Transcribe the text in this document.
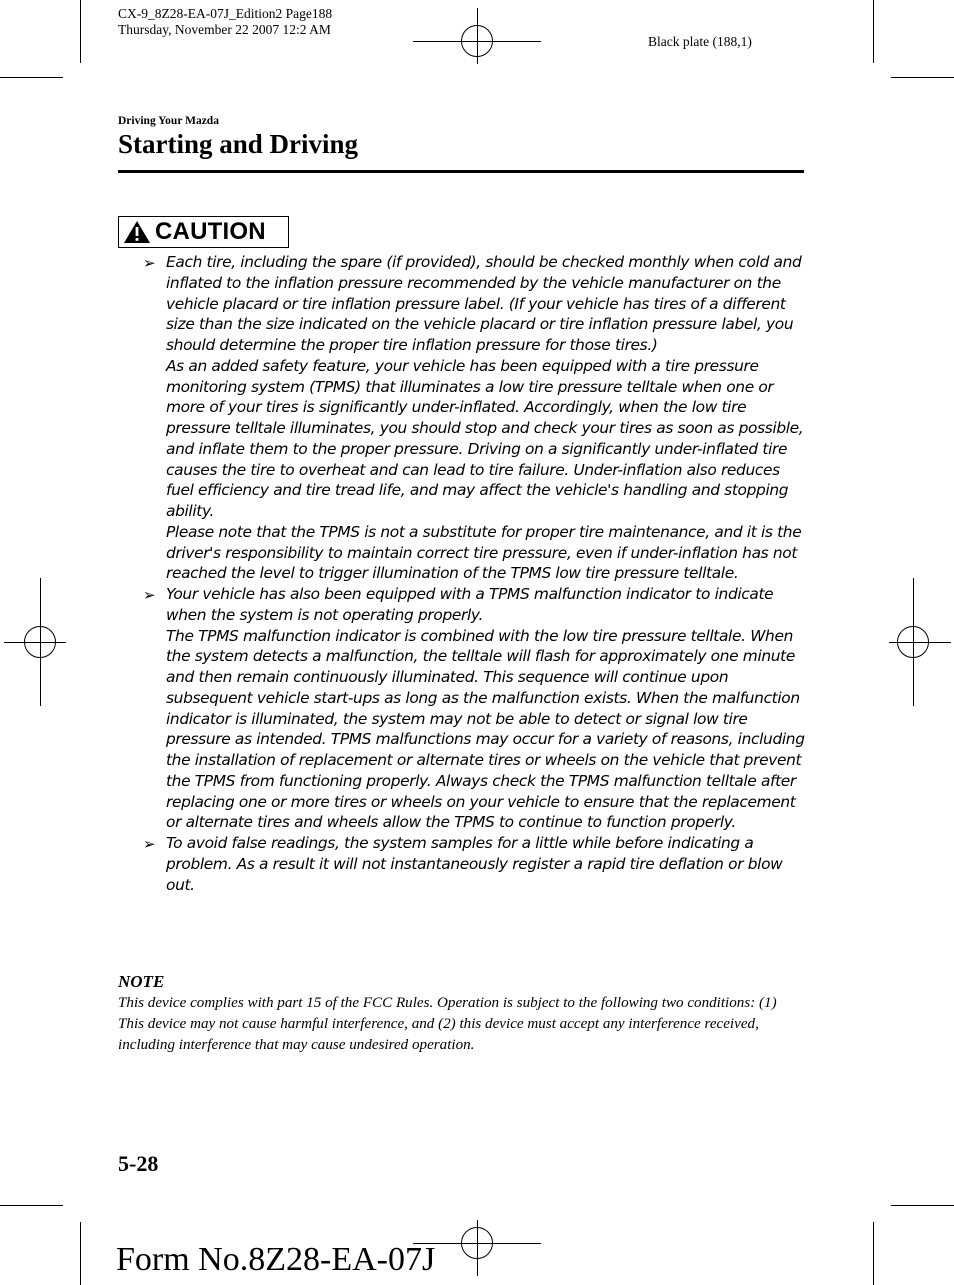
CX-9_8Z28-EA-07J_Edition2 Page188
Thursday, November 22 2007 12:2 AM
Black plate (188,1)
Driving Your Mazda
Starting and Driving
CAUTION
➢ Each tire, including the spare (if provided), should be checked monthly when cold and inflated to the inflation pressure recommended by the vehicle manufacturer on the vehicle placard or tire inflation pressure label. (If your vehicle has tires of a different size than the size indicated on the vehicle placard or tire inflation pressure label, you should determine the proper tire inflation pressure for those tires.)

As an added safety feature, your vehicle has been equipped with a tire pressure monitoring system (TPMS) that illuminates a low tire pressure telltale when one or more of your tires is significantly under-inflated. Accordingly, when the low tire pressure telltale illuminates, you should stop and check your tires as soon as possible, and inflate them to the proper pressure. Driving on a significantly under-inflated tire causes the tire to overheat and can lead to tire failure. Under-inflation also reduces fuel efficiency and tire tread life, and may affect the vehicle's handling and stopping ability.

Please note that the TPMS is not a substitute for proper tire maintenance, and it is the driver's responsibility to maintain correct tire pressure, even if under-inflation has not reached the level to trigger illumination of the TPMS low tire pressure telltale.

➢ Your vehicle has also been equipped with a TPMS malfunction indicator to indicate when the system is not operating properly.

The TPMS malfunction indicator is combined with the low tire pressure telltale. When the system detects a malfunction, the telltale will flash for approximately one minute and then remain continuously illuminated. This sequence will continue upon subsequent vehicle start-ups as long as the malfunction exists. When the malfunction indicator is illuminated, the system may not be able to detect or signal low tire pressure as intended. TPMS malfunctions may occur for a variety of reasons, including the installation of replacement or alternate tires or wheels on the vehicle that prevent the TPMS from functioning properly. Always check the TPMS malfunction telltale after replacing one or more tires or wheels on your vehicle to ensure that the replacement or alternate tires and wheels allow the TPMS to continue to function properly.

➢ To avoid false readings, the system samples for a little while before indicating a problem. As a result it will not instantaneously register a rapid tire deflation or blow out.

NOTE
This device complies with part 15 of the FCC Rules. Operation is subject to the following two conditions: (1) This device may not cause harmful interference, and (2) this device must accept any interference received, including interference that may cause undesired operation.
5-28
Form No.8Z28-EA-07J
